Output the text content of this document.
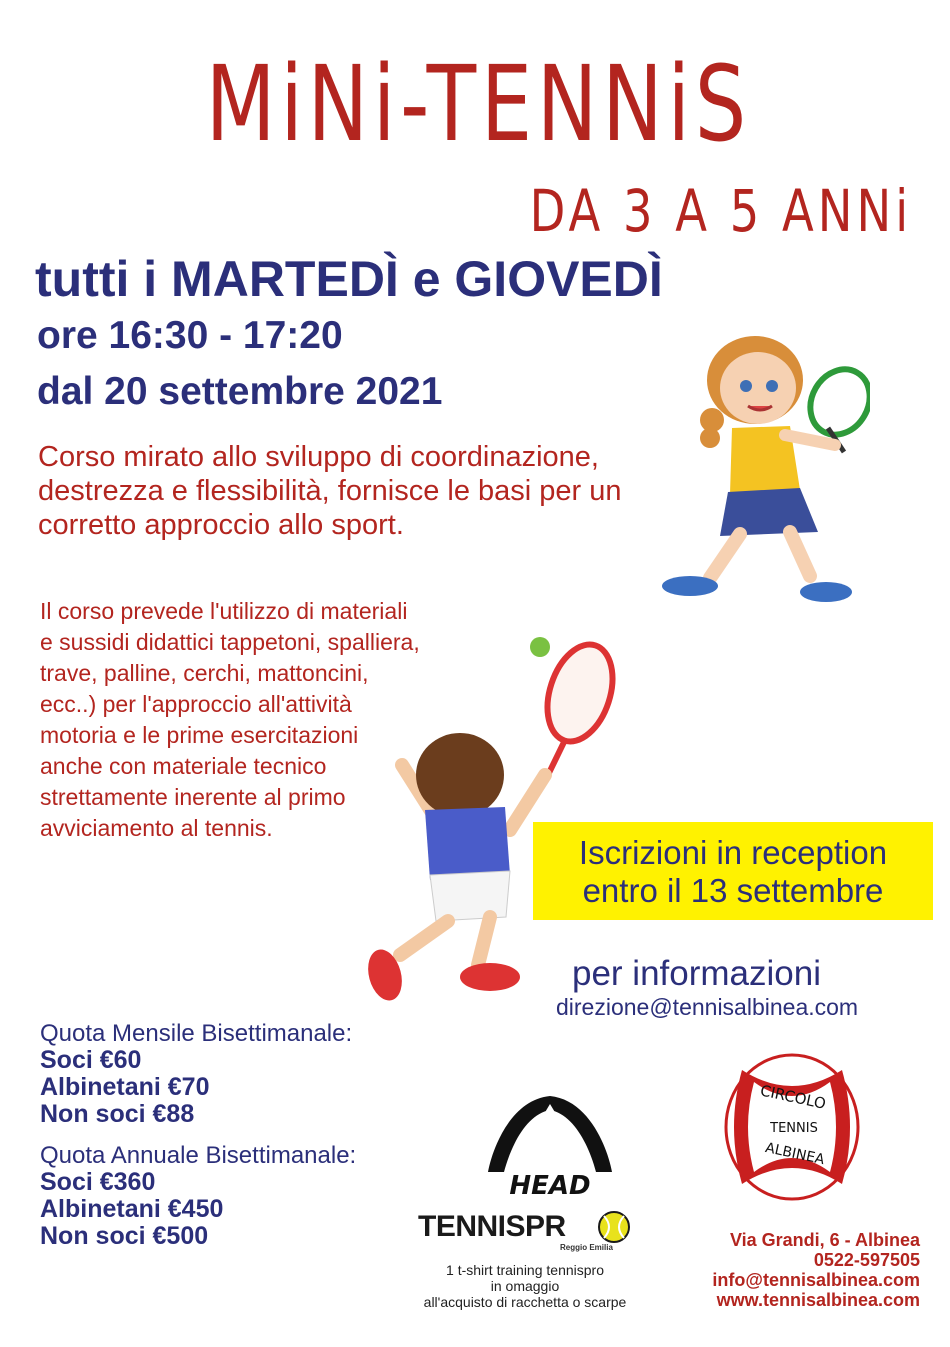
MiNi-TENNiS
DA 3 A 5 ANNi
tutti i MARTEDÌ e GIOVEDÌ
ore 16:30 - 17:20
dal 20 settembre 2021
Corso mirato allo sviluppo di coordinazione, destrezza e flessibilità, fornisce le basi per un corretto approccio allo sport.
Il corso prevede l'utilizzo di materiali e sussidi didattici tappetoni, spalliera, trave, palline, cerchi, mattoncini, ecc..) per l'approccio all'attività motoria e le prime esercitazioni anche con materiale tecnico strettamente inerente al primo avviciamento al tennis.
Iscrizioni in reception
entro il 13 settembre
per informazioni
direzione@tennisalbinea.com
Quota Mensile Bisettimanale:
Soci €60
Albinetani €70
Non soci €88
Quota Annuale Bisettimanale:
Soci €360
Albinetani €450
Non soci €500
HEAD
TENNISPR
Reggio Emilia
1 t-shirt training tennispro
in omaggio
all'acquisto di racchetta o scarpe
CIRCOLO
TENNIS
ALBINEA
Via Grandi, 6 - Albinea
0522-597505
info@tennisalbinea.com
www.tennisalbinea.com
